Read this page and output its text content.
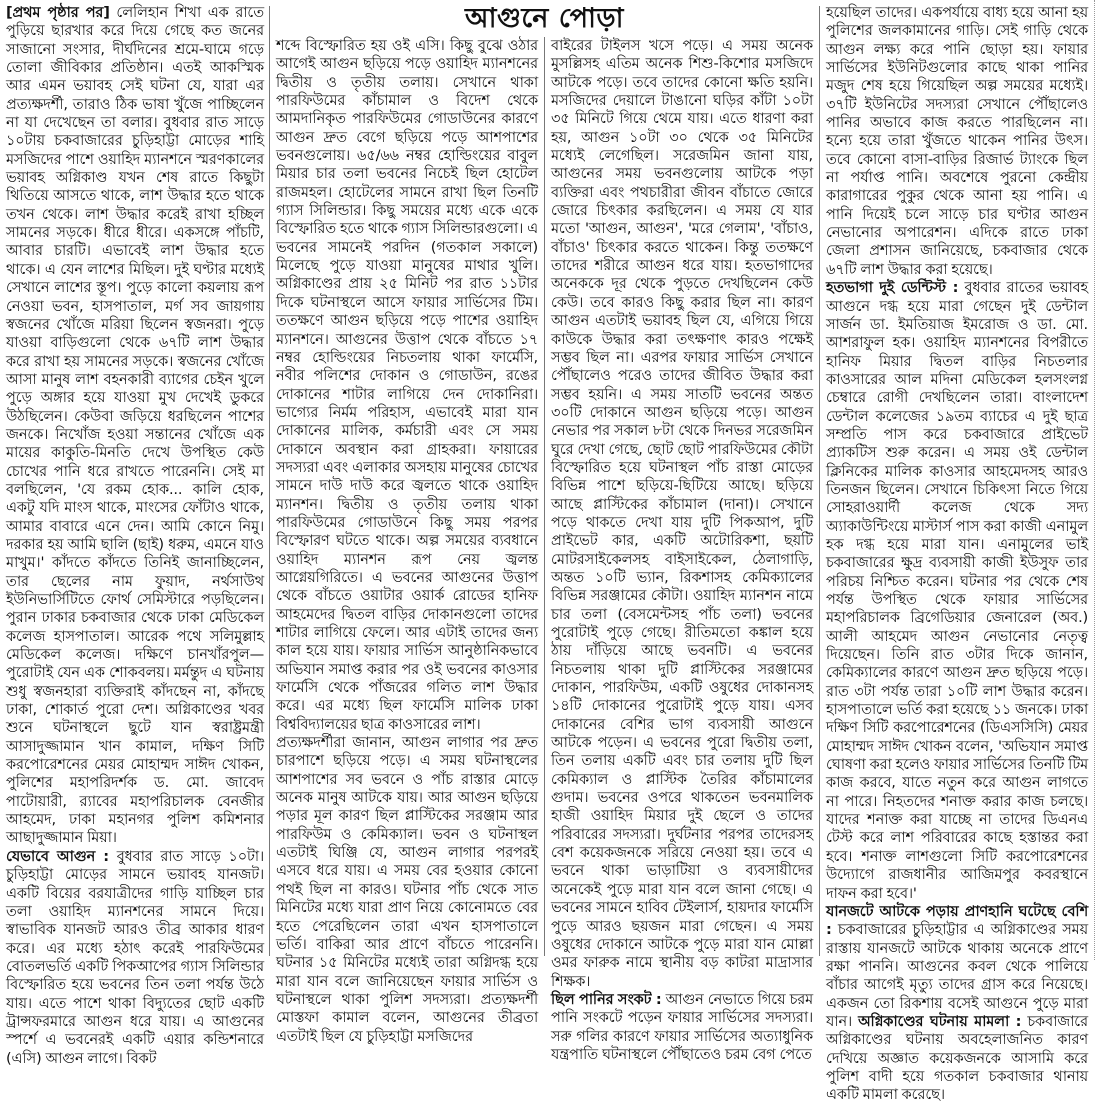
আগুনে পোড়া

[প্রথম পৃষ্ঠার পর] লেলিহান শিখা এক রাতে পুড়িয়ে ছারখার করে দিয়ে গেছে কত জনের সাজানো সংসার, দীর্ঘদিনের শ্রমে-ঘামে গড়ে তোলা জীবিকার প্রতিষ্ঠান। এতই আকস্মিক আর এমন ভয়াবহ সেই ঘটনা যে, যারা এর প্রত্যক্ষদর্শী, তারাও ঠিক ভাষা খুঁজে পাচ্ছিলেন না যা দেখেছেন তা বলার। বুধবার রাত সাড়ে ১০টায় চকবাজারের চুড়িহাট্টা মোড়ের শাহি মসজিদের পাশে ওয়াহিদ ম্যানশনে স্মরণকালের ভয়াবহ অগ্নিকাণ্ড যখন শেষ রাতে কিছুটা থিতিয়ে আসতে থাকে, লাশ উদ্ধার হতে থাকে তখন থেকে। লাশ উদ্ধার করেই রাখা হচ্ছিল সামনের সড়কে। ধীরে ধীরে। একসঙ্গে পাঁচটি, আবার চারটি। এভাবেই লাশ উদ্ধার হতে থাকে। এ যেন লাশের মিছিল। দুই ঘণ্টার মধ্যেই সেখানে লাশের স্তূপ। পুড়ে কালো কয়লায় রূপ নেওয়া ভবন, হাসপাতাল, মর্গ সব জায়গায় স্বজনের খোঁজে মরিয়া ছিলেন স্বজনরা। পুড়ে যাওয়া বাড়িগুলো থেকে ৬৭টি লাশ উদ্ধার করে রাখা হয় সামনের সড়কে। স্বজনের খোঁজে আসা মানুষ লাশ বহনকারী ব্যাগের চেইন খুলে পুড়ে অঙ্গার হয়ে যাওয়া মুখ দেখেই ডুকরে উঠছিলেন। কেউবা জড়িয়ে ধরছিলেন পাশের জনকে। নিখোঁজ হওয়া সন্তানের খোঁজে এক মায়ের কাকুতি-মিনতি দেখে উপস্থিত কেউ চোখের পানি ধরে রাখতে পারেননি। সেই মা বলছিলেন, 'যে রকম হোক... কালি হোক, একটু যদি মাংস থাকে, মাংসের ফোঁটাও থাকে, আমার বাবারে এনে দেন। আমি কোনে নিমু। দরকার হয় আমি ছালি (ছাই) ধরুম, এমনে যাও মাখুম।' কাঁদতে কাঁদতে তিনিই জানাচ্ছিলেন, তার ছেলের নাম ফুয়াদ, নর্থসাউথ ইউনিভার্সিটিতে ফোর্থ সেমিস্টারে পড়ছিলেন। পুরান ঢাকার চকবাজার থেকে ঢাকা মেডিকেল কলেজ হাসপাতাল। আরেক পথে সলিমুল্লাহ মেডিকেল কলেজ। দক্ষিণে চানখাঁরপুল— পুরোটাই যেন এক শোকবলয়। মর্মন্তুদ এ ঘটনায় শুধু স্বজনহারা ব্যক্তিরাই কাঁদছেন না, কাঁদছে ঢাকা, শোকার্ত পুরো দেশ। অগ্নিকাণ্ডের খবর শুনে ঘটনাস্থলে ছুটে যান স্বরাষ্ট্রমন্ত্রী আসাদুজ্জামান খান কামাল, দক্ষিণ সিটি করপোরেশনের মেয়র মোহাম্মদ সাঈদ খোকন, পুলিশের মহাপরিদর্শক ড. মো. জাবেদ পাটোয়ারী, র‌্যাবের মহাপরিচালক বেনজীর আহমেদ, ঢাকা মহানগর পুলিশ কমিশনার আছাদুজ্জামান মিয়া।

যেভাবে আগুন : বুধবার রাত সাড়ে ১০টা। চুড়িহাট্টা মোড়ের সামনে ভয়াবহ যানজট। একটি বিয়ের বরযাত্রীদের গাড়ি যাচ্ছিল চার তলা ওয়াহিদ ম্যানশনের সামনে দিয়ে। স্বাভাবিক যানজট আরও তীব্র আকার ধারণ করে। এর মধ্যে হঠাৎ করেই পারফিউমের বোতলভর্তি একটি পিকআপের গ্যাস সিলিন্ডার বিস্ফোরিত হয়ে ভবনের তিন তলা পর্যন্ত উঠে যায়। এতে পাশে থাকা বিদ্যুতের ছোট একটি ট্রান্সফরমারে আগুন ধরে যায়। এ আগুনের স্পর্শে এ ভবনেরই একটি এয়ার কন্ডিশনারে (এসি) আগুন লাগে। বিকট

শব্দে বিস্ফোরিত হয় ওই এসি। কিছু বুঝে ওঠার আগেই আগুন ছড়িয়ে পড়ে ওয়াহিদ ম্যানশনের দ্বিতীয় ও তৃতীয় তলায়। সেখানে থাকা পারফিউমের কাঁচামাল ও বিদেশ থেকে আমদানিকৃত পারফিউমের গোডাউনের কারণে আগুন দ্রুত বেগে ছড়িয়ে পড়ে আশপাশের ভবনগুলোয়। ৬৫/৬৬ নম্বর হোল্ডিংয়ের বাবুল মিয়ার চার তলা ভবনের নিচেই ছিল হোটেল রাজমহল। হোটেলের সামনে রাখা ছিল তিনটি গ্যাস সিলিন্ডার। কিছু সময়ের মধ্যে একে একে বিস্ফোরিত হতে থাকে গ্যাস সিলিন্ডারগুলো। এ ভবনের সামনেই পরদিন (গতকাল সকালে) মিলেছে পুড়ে যাওয়া মানুষের মাথার খুলি। অগ্নিকাণ্ডের প্রায় ২৫ মিনিট পর রাত ১১টার দিকে ঘটনাস্থলে আসে ফায়ার সার্ভিসের টিম। ততক্ষণে আগুন ছড়িয়ে পড়ে পাশের ওয়াহিদ ম্যানশনে। আগুনের উত্তাপ থেকে বাঁচতে ১৭ নম্বর হোল্ডিংয়ের নিচতলায় থাকা ফার্মেসি, নবীর পলিশের দোকান ও গোডাউন, রঙের দোকানের শাটার লাগিয়ে দেন দোকানিরা। ভাগ্যের নির্মম পরিহাস, এভাবেই মারা যান দোকানের মালিক, কর্মচারী এবং সে সময় দোকানে অবস্থান করা গ্রাহকরা। ফায়ারের সদস্যরা এবং এলাকার অসহায় মানুষের চোখের সামনে দাউ দাউ করে জ্বলতে থাকে ওয়াহিদ ম্যানশন। দ্বিতীয় ও তৃতীয় তলায় থাকা পারফিউমের গোডাউনে কিছু সময় পরপর বিস্ফোরণ ঘটতে থাকে। অল্প সময়ের ব্যবধানে ওয়াহিদ ম্যানশন রূপ নেয় জ্বলন্ত আগ্নেয়গিরিতে। এ ভবনের আগুনের উত্তাপ থেকে বাঁচতে ওয়াটার ওয়ার্ক রোডের হানিফ আহমেদের দ্বিতল বাড়ির দোকানগুলো তাদের শাটার লাগিয়ে ফেলে। আর এটাই তাদের জন্য কাল হয়ে যায়। ফায়ার সার্ভিস আনুষ্ঠানিকভাবে অভিযান সমাপ্ত করার পর ওই ভবনের কাওসার ফার্মেসি থেকে পাঁজরের গলিত লাশ উদ্ধার করে। এর মধ্যে ছিল ফার্মেসি মালিক ঢাকা বিশ্ববিদ্যালয়ের ছাত্র কাওসারের লাশ।

প্রত্যক্ষদর্শীরা জানান, আগুন লাগার পর দ্রুত চারপাশে ছড়িয়ে পড়ে। এ সময় ঘটনাস্থলের আশপাশের সব ভবনে ও পাঁচ রাস্তার মোড়ে অনেক মানুষ আটকে যায়। আর আগুন ছড়িয়ে পড়ার মূল কারণ ছিল প্লাস্টিকের সরঞ্জাম আর পারফিউম ও কেমিক্যাল। ভবন ও ঘটনাস্থল এতটাই ঘিঞ্জি যে, আগুন লাগার পরপরই এসবে ধরে যায়। এ সময় বের হওয়ার কোনো পথই ছিল না কারও। ঘটনার পাঁচ থেকে সাত মিনিটের মধ্যে যারা প্রাণ নিয়ে কোনোমতে বের হতে পেরেছিলেন তারা এখন হাসপাতালে ভর্তি। বাকিরা আর প্রাণে বাঁচতে পারেননি। ঘটনার ১৫ মিনিটের মধ্যেই তারা অগ্নিদগ্ধ হয়ে মারা যান বলে জানিয়েছেন ফায়ার সার্ভিস ও ঘটনাস্থলে থাকা পুলিশ সদস্যরা। প্রত্যক্ষদর্শী মোস্তফা কামাল বলেন, আগুনের তীব্রতা এতটাই ছিল যে চুড়িহাট্টা মসজিদের

বাইরের টাইলস খসে পড়ে। এ সময় অনেক মুসল্লিসহ এতিম অনেক শিশু-কিশোর মসজিদে আটকে পড়ে। তবে তাদের কোনো ক্ষতি হয়নি। মসজিদের দেয়ালে টাঙানো ঘড়ির কাঁটা ১০টা ৩৫ মিনিটে গিয়ে থেমে যায়। এতে ধারণা করা হয়, আগুন ১০টা ৩০ থেকে ৩৫ মিনিটের মধ্যেই লেগেছিল। সরেজমিন জানা যায়, আগুনের সময় ভবনগুলোয় আটকে পড়া ব্যক্তিরা এবং পথচারীরা জীবন বাঁচাতে জোরে জোরে চিৎকার করছিলেন। এ সময় যে যার মতো 'আগুন, আগুন', 'মরে গেলাম', 'বাঁচাও, বাঁচাও' চিৎকার করতে থাকেন। কিন্তু ততক্ষণে তাদের শরীরে আগুন ধরে যায়। হতভাগাদের অনেককে দূর থেকে পুড়তে দেখছিলেন কেউ কেউ। তবে কারও কিছু করার ছিল না। কারণ আগুন এতটাই ভয়াবহ ছিল যে, এগিয়ে গিয়ে কাউকে উদ্ধার করা তৎক্ষণাৎ কারও পক্ষেই সম্ভব ছিল না। এরপর ফায়ার সার্ভিস সেখানে পৌঁছালেও পরেও তাদের জীবিত উদ্ধার করা সম্ভব হয়নি। এ সময় সাতটি ভবনের অন্তত ৩০টি দোকানে আগুন ছড়িয়ে পড়ে। আগুন নেভার পর সকাল ৮টা থেকে দিনভর সরেজমিন ঘুরে দেখা গেছে, ছোট ছোট পারফিউমের কৌটা বিস্ফোরিত হয়ে ঘটনাস্থল পাঁচ রাস্তা মোড়ের বিভিন্ন পাশে ছড়িয়ে-ছিটিয়ে আছে। ছড়িয়ে আছে প্লাস্টিকের কাঁচামাল (দানা)। সেখানে পড়ে থাকতে দেখা যায় দুটি পিকআপ, দুটি প্রাইভেট কার, একটি অটোরিকশা, ছয়টি মোটরসাইকেলসহ বাইসাইকেল, ঠেলাগাড়ি, অন্তত ১০টি ভ্যান, রিকশাসহ কেমিক্যালের বিভিন্ন সরঞ্জামের কৌটা। ওয়াহিদ ম্যানশন নামে চার তলা (বেসমেন্টসহ পাঁচ তলা) ভবনের পুরোটাই পুড়ে গেছে। রীতিমতো কঙ্কাল হয়ে ঠায় দাঁড়িয়ে আছে ভবনটি। এ ভবনের নিচতলায় থাকা দুটি প্লাস্টিকের সরঞ্জামের দোকান, পারফিউম, একটি ওষুধের দোকানসহ ১৪টি দোকানের পুরোটাই পুড়ে যায়। এসব দোকানের বেশির ভাগ ব্যবসায়ী আগুনে আটকে পড়েন। এ ভবনের পুরো দ্বিতীয় তলা, তিন তলায় একটি এবং চার তলায় দুটি ছিল কেমিক্যাল ও প্লাস্টিক তৈরির কাঁচামালের গুদাম। ভবনের ওপরে থাকতেন ভবনমালিক হাজী ওয়াহিদ মিয়ার দুই ছেলে ও তাদের পরিবারের সদস্যরা। দুর্ঘটনার পরপর তাদেরসহ বেশ কয়েকজনকে সরিয়ে নেওয়া হয়। তবে এ ভবনে থাকা ভাড়াটিয়া ও ব্যবসায়ীদের অনেকেই পুড়ে মারা যান বলে জানা গেছে। এ ভবনের সামনে হাবিব টেইলার্স, হায়দার ফার্মেসি পুড়ে আরও ছয়জন মারা গেছেন। এ সময় ওষুধের দোকানে আটকে পুড়ে মারা যান মোল্লা ওমর ফারুক নামে স্থানীয় বড় কাটরা মাদ্রাসার শিক্ষক।

ছিল পানির সংকট : আগুন নেভাতে গিয়ে চরম পানি সংকটে পড়েন ফায়ার সার্ভিসের সদস্যরা। সরু গলির কারণে ফায়ার সার্ভিসের অত্যাধুনিক যন্ত্রপাতি ঘটনাস্থলে পৌঁছাতেও চরম বেগ পেতে

হয়েছিল তাদের। একপর্যায়ে বাধ্য হয়ে আনা হয় পুলিশের জলকামানের গাড়ি। সেই গাড়ি থেকে আগুন লক্ষ্য করে পানি ছোড়া হয়। ফায়ার সার্ভিসের ইউনিটগুলোর কাছে থাকা পানির মজুদ শেষ হয়ে গিয়েছিল অল্প সময়ের মধ্যেই। ৩৭টি ইউনিটের সদস্যরা সেখানে পৌঁছালেও পানির অভাবে কাজ করতে পারছিলেন না। হন্যে হয়ে তারা খুঁজতে থাকেন পানির উৎস। তবে কোনো বাসা-বাড়ির রিজার্ভ ট্যাংকে ছিল না পর্যাপ্ত পানি। অবশেষে পুরনো কেন্দ্রীয় কারাগারের পুকুর থেকে আনা হয় পানি। এ পানি দিয়েই চলে সাড়ে চার ঘণ্টার আগুন নেভানোর অপারেশন। এদিকে রাতে ঢাকা জেলা প্রশাসন জানিয়েছে, চকবাজার থেকে ৬৭টি লাশ উদ্ধার করা হয়েছে।

হতভাগা দুই ডেন্টিস্ট : বুধবার রাতের ভয়াবহ আগুনে দগ্ধ হয়ে মারা গেছেন দুই ডেন্টাল সার্জন ডা. ইমতিয়াজ ইমরোজ ও ডা. মো. আশরাফুল হক। ওয়াহিদ ম্যানশনের বিপরীতে হানিফ মিয়ার দ্বিতল বাড়ির নিচতলার কাওসারের আল মদিনা মেডিকেল হলসংলগ্ন চেম্বারে রোগী দেখছিলেন তারা। বাংলাদেশ ডেন্টাল কলেজের ১৯তম ব্যাচের এ দুই ছাত্র সম্প্রতি পাস করে চকবাজারে প্রাইভেট প্র্যাকটিস শুরু করেন। এ সময় ওই ডেন্টাল ক্লিনিকের মালিক কাওসার আহমেদসহ আরও তিনজন ছিলেন। সেখানে চিকিৎসা নিতে গিয়ে সোহরাওয়ার্দী কলেজ থেকে সদ্য অ্যাকাউন্টিংয়ে মাস্টার্স পাস করা কাজী এনামুল হক দগ্ধ হয়ে মারা যান। এনামুলের ভাই চকবাজারের ক্ষুদ্র ব্যবসায়ী কাজী ইউসুফ তার পরিচয় নিশ্চিত করেন। ঘটনার পর থেকে শেষ পর্যন্ত উপস্থিত থেকে ফায়ার সার্ভিসের মহাপরিচালক ব্রিগেডিয়ার জেনারেল (অব.) আলী আহমেদ আগুন নেভানোর নেতৃত্ব দিয়েছেন। তিনি রাত ৩টার দিকে জানান, কেমিক্যালের কারণে আগুন দ্রুত ছড়িয়ে পড়ে। রাত ৩টা পর্যন্ত তারা ১০টি লাশ উদ্ধার করেন। হাসপাতালে ভর্তি করা হয়েছে ১১ জনকে। ঢাকা দক্ষিণ সিটি করপোরেশনের (ডিএসসিসি) মেয়র মোহাম্মদ সাঈদ খোকন বলেন, 'অভিযান সমাপ্ত ঘোষণা করা হলেও ফায়ার সার্ভিসের তিনটি টিম কাজ করবে, যাতে নতুন করে আগুন লাগতে না পারে। নিহতদের শনাক্ত করার কাজ চলছে। যাদের শনাক্ত করা যাচ্ছে না তাদের ডিএনএ টেস্ট করে লাশ পরিবারের কাছে হস্তান্তর করা হবে। শনাক্ত লাশগুলো সিটি করপোরেশনের উদ্যোগে রাজধানীর আজিমপুর কবরস্থানে দাফন করা হবে।'

যানজটে আটকে পড়ায় প্রাণহানি ঘটেছে বেশি : চকবাজারের চুড়িহাট্টার এ অগ্নিকাণ্ডের সময় রাস্তায় যানজটে আটকে থাকায় অনেকে প্রাণে রক্ষা পাননি। আগুনের কবল থেকে পালিয়ে বাঁচার আগেই মৃত্যু তাদের গ্রাস করে নিয়েছে। একজন তো রিকশায় বসেই আগুনে পুড়ে মারা যান। অগ্নিকাণ্ডের ঘটনায় মামলা : চকবাজারে অগ্নিকাণ্ডের ঘটনায় অবহেলাজনিত কারণ দেখিয়ে অজ্ঞাত কয়েকজনকে আসামি করে পুলিশ বাদী হয়ে গতকাল চকবাজার থানায় একটি মামলা করেছে।
